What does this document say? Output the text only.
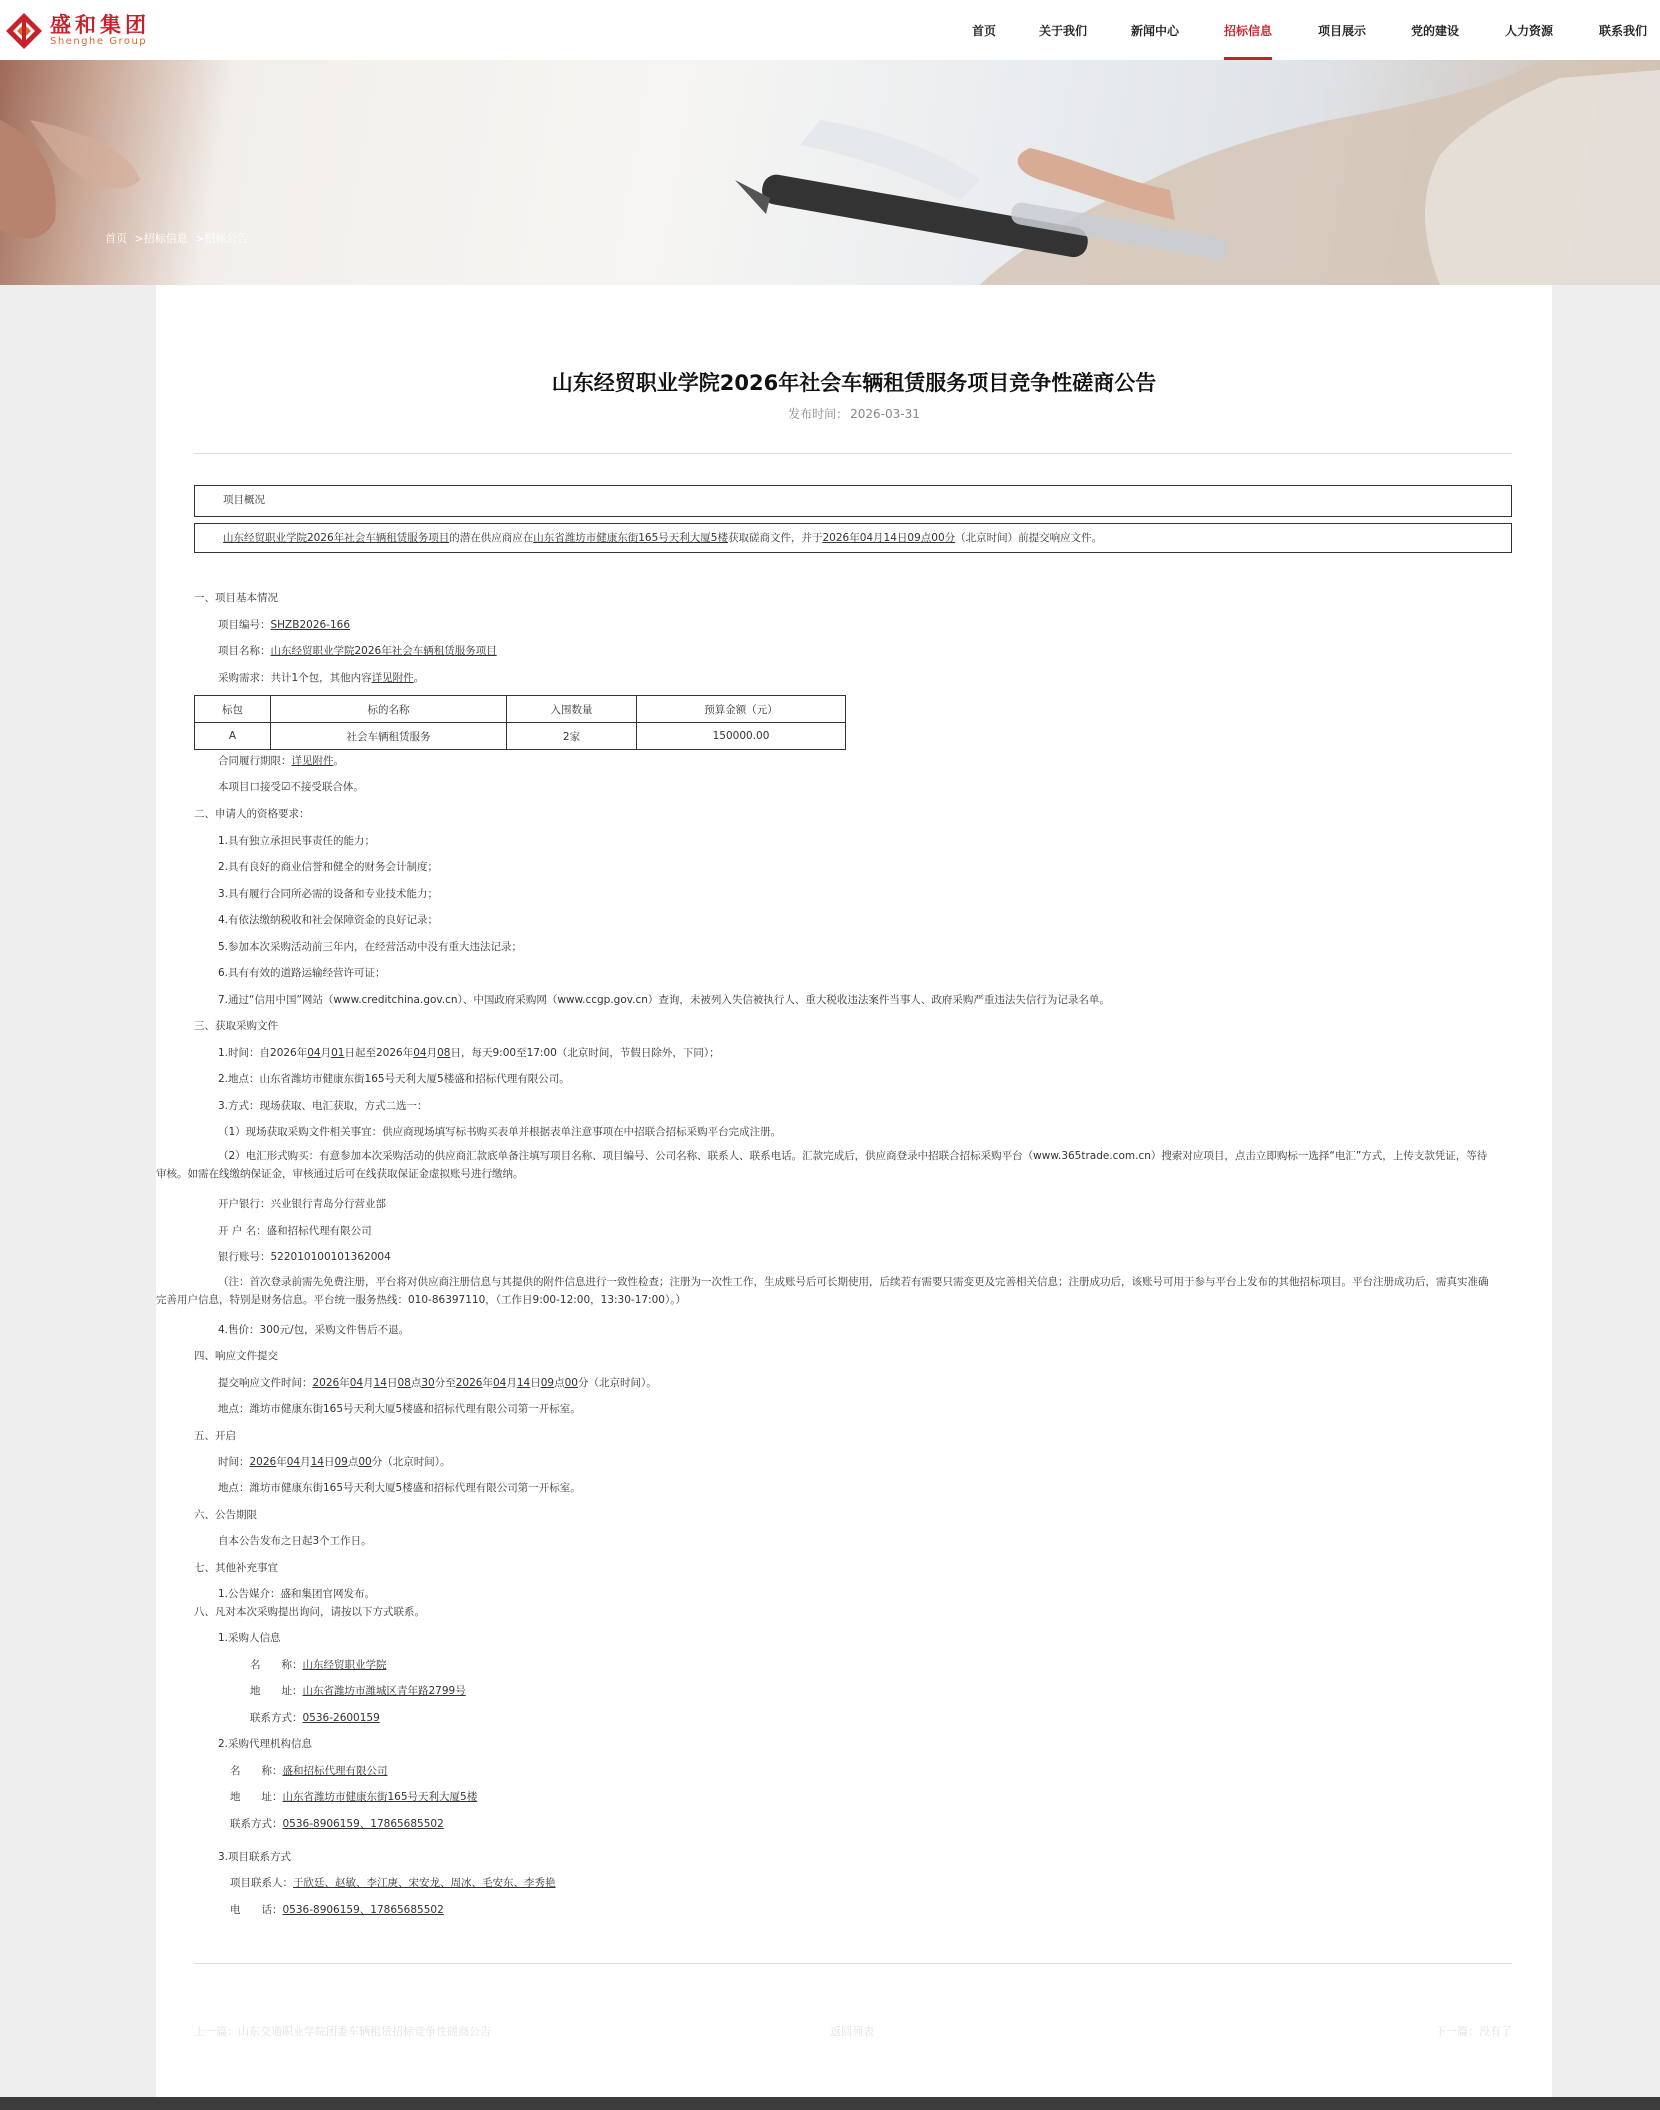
盛和集团
Shenghe Group
首页	关于我们	新闻中心	招标信息	项目展示	党的建设	人力资源	联系我们
首页 >招标信息 >招标公告
山东经贸职业学院2026年社会车辆租赁服务项目竞争性磋商公告
发布时间： 2026-03-31
项目概况
山东经贸职业学院2026年社会车辆租赁服务项目的潜在供应商应在山东省潍坊市健康东街165号天利大厦5楼获取磋商文件，并于2026年04月14日09点00分（北京时间）前提交响应文件。
一、项目基本情况
项目编号：SHZB2026-166
项目名称：山东经贸职业学院2026年社会车辆租赁服务项目
采购需求：共计1个包，其他内容详见附件。
标包	标的名称	入围数量	预算金额（元）
A	社会车辆租赁服务	2家	150000.00
合同履行期限：详见附件。
本项目口接受☑不接受联合体。
二、申请人的资格要求：
1.具有独立承担民事责任的能力；
2.具有良好的商业信誉和健全的财务会计制度；
3.具有履行合同所必需的设备和专业技术能力；
4.有依法缴纳税收和社会保障资金的良好记录；
5.参加本次采购活动前三年内，在经营活动中没有重大违法记录；
6.具有有效的道路运输经营许可证；
7.通过“信用中国”网站（www.creditchina.gov.cn）、中国政府采购网（www.ccgp.gov.cn）查询，未被列入失信被执行人、重大税收违法案件当事人、政府采购严重违法失信行为记录名单。
三、获取采购文件
1.时间：自2026年04月01日起至2026年04月08日，每天9:00至17:00（北京时间，节假日除外，下同）；
2.地点：山东省潍坊市健康东街165号天利大厦5楼盛和招标代理有限公司。
3.方式：现场获取、电汇获取，方式二选一：
（1）现场获取采购文件相关事宜：供应商现场填写标书购买表单并根据表单注意事项在中招联合招标采购平台完成注册。
（2）电汇形式购买：有意参加本次采购活动的供应商汇款底单备注填写项目名称、项目编号、公司名称、联系人、联系电话。汇款完成后，供应商登录中招联合招标采购平台（www.365trade.com.cn）搜索对应项目，点击立即购标一选择“电汇”方式，上传支款凭证，等待审核。如需在线缴纳保证金，审核通过后可在线获取保证金虚拟账号进行缴纳。
开户银行：兴业银行青岛分行营业部
开 户 名：盛和招标代理有限公司
银行账号：522010100101362004
（注：首次登录前需先免费注册，平台将对供应商注册信息与其提供的附件信息进行一致性检查；注册为一次性工作，生成账号后可长期使用，后续若有需要只需变更及完善相关信息；注册成功后，该账号可用于参与平台上发布的其他招标项目。平台注册成功后，需真实准确完善用户信息，特别是财务信息。平台统一服务热线：010-86397110，（工作日9:00-12:00，13:30-17:00）。）
4.售价：300元/包，采购文件售后不退。
四、响应文件提交
提交响应文件时间：2026年04月14日08点30分至2026年04月14日09点00分（北京时间）。
地点：潍坊市健康东街165号天利大厦5楼盛和招标代理有限公司第一开标室。
五、开启
时间：2026年04月14日09点00分（北京时间）。
地点：潍坊市健康东街165号天利大厦5楼盛和招标代理有限公司第一开标室。
六、公告期限
自本公告发布之日起3个工作日。
七、其他补充事宜
1.公告媒介：盛和集团官网发布。
八、凡对本次采购提出询问，请按以下方式联系。
1.采购人信息
名　　称：山东经贸职业学院
地　　址：山东省潍坊市潍城区青年路2799号
联系方式：0536-2600159
2.采购代理机构信息
名　　称：盛和招标代理有限公司
地　　址：山东省潍坊市健康东街165号天利大厦5楼
联系方式：0536-8906159、17865685502
3.项目联系方式
项目联系人：于欣廷、赵敏、李江庚、宋安龙、周冰、毛安东、李秀艳
电　　话：0536-8906159、17865685502
上一篇：山东交通职业学院团委车辆租赁招标竞争性磋商公告	返回列表	下一篇：没有了
